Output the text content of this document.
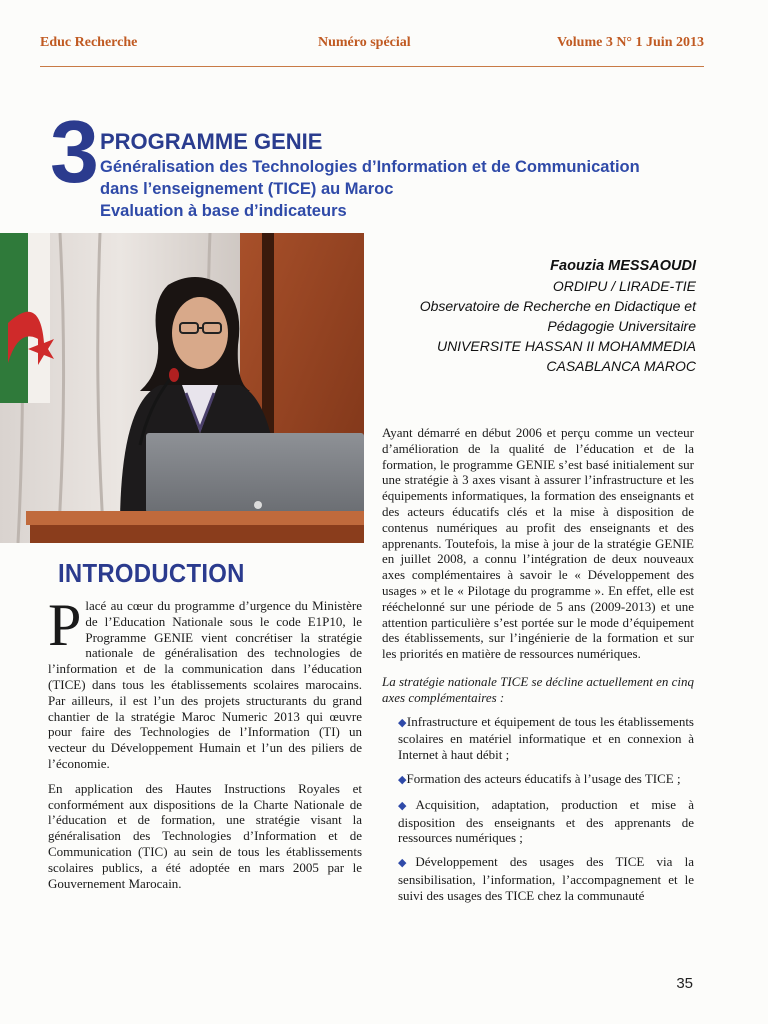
Educ Recherche	Numéro spécial	Volume 3 N° 1 Juin 2013
3 PROGRAMME GENIE
Généralisation des Technologies d’Information et de Communication
dans l’enseignement (TICE) au Maroc
Evaluation à base d’indicateurs
Faouzia MESSAOUDI
ORDIPU / LIRADE-TIE
Observatoire de Recherche en Didactique et
Pédagogie Universitaire
UNIVERSITE HASSAN II MOHAMMEDIA
CASABLANCA MAROC
INTRODUCTION

Placé au cœur du programme d’urgence du Ministère de l’Education Nationale sous le code E1P10, le Programme GENIE vient concrétiser la stratégie nationale de généralisation des technologies de l’information et de la communication dans l’éducation (TICE) dans tous les établissements scolaires marocains. Par ailleurs, il est l’un des projets structurants du grand chantier de la stratégie Maroc Numeric 2013 qui œuvre pour faire des Technologies de l’Information (TI) un vecteur du Développement Humain et l’un des piliers de l’économie.

En application des Hautes Instructions Royales et conformément aux dispositions de la Charte Nationale de l’éducation et de formation, une stratégie visant la généralisation des Technologies d’Information et de Communication (TIC) au sein de tous les établissements scolaires publics, a été adoptée en mars 2005 par le Gouvernement Marocain.

Ayant démarré en début 2006 et perçu comme un vecteur d’amélioration de la qualité de l’éducation et de la formation, le programme GENIE s’est basé initialement sur une stratégie à 3 axes visant à assurer l’infrastructure et les équipements informatiques, la formation des enseignants et des acteurs éducatifs clés et la mise à disposition de contenus numériques au profit des enseignants et des apprenants. Toutefois, la mise à jour de la stratégie GENIE en juillet 2008, a connu l’intégration de deux nouveaux axes complémentaires à savoir le « Développement des usages » et le « Pilotage du programme ». En effet, elle est rééchelonné sur une période de 5 ans (2009-2013) et une attention particulière s’est portée sur le mode d’équipement des établissements, sur l’ingénierie de la formation et sur les priorités en matière de ressources numériques.

La stratégie nationale TICE se décline actuellement en cinq axes complémentaires :

◆Infrastructure et équipement de tous les établissements scolaires en matériel informatique et en connexion à Internet à haut débit ;

◆Formation des acteurs éducatifs à l’usage des TICE ;

◆Acquisition, adaptation, production et mise à disposition des enseignants et des apprenants de ressources numériques ;

◆Développement des usages des TICE via la sensibilisation, l’information, l’accompagnement et le suivi des usages des TICE chez la communauté

35
